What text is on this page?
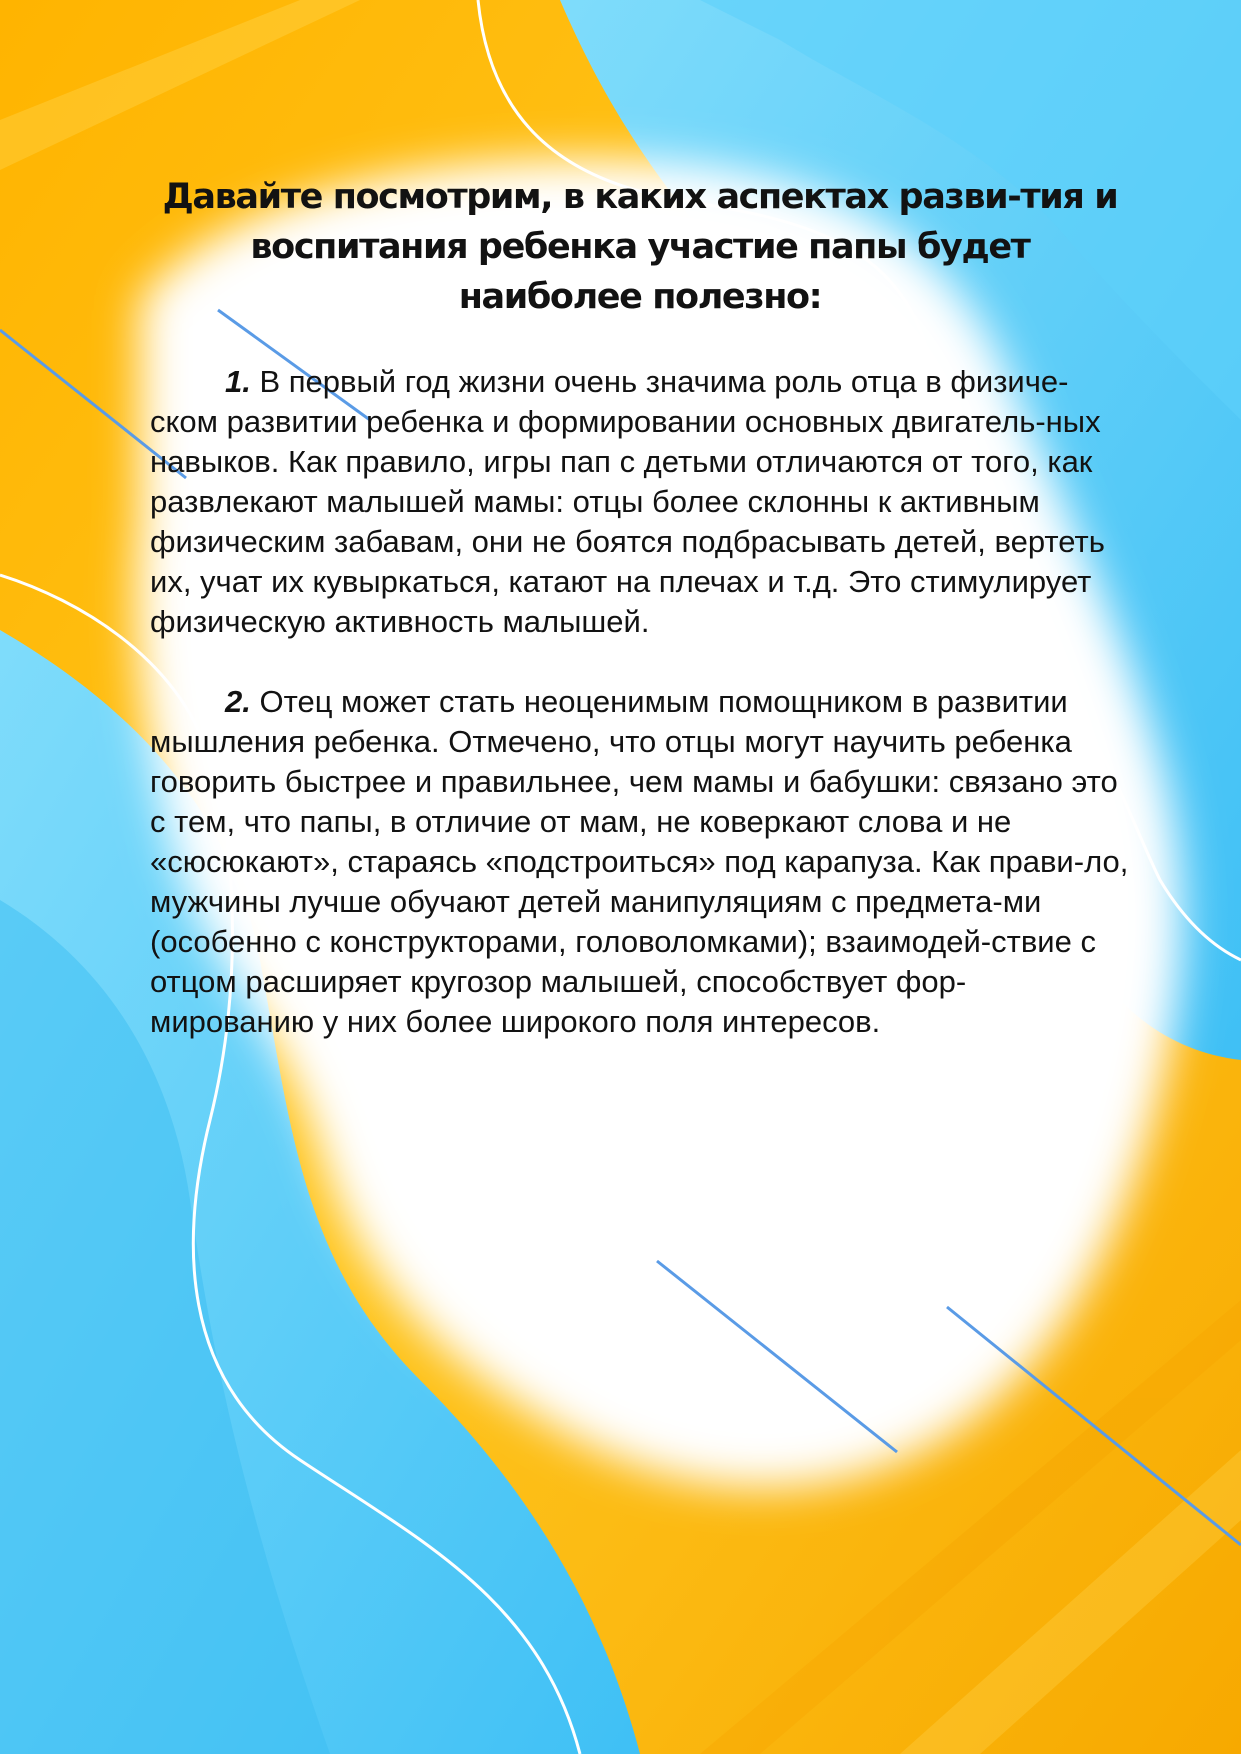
Давайте посмотрим, в каких аспектах разви-тия и воспитания ребенка участие папы будет наиболее полезно:

1. В первый год жизни очень значима роль отца в физиче-ском развитии ребенка и формировании основных двигатель-ных навыков. Как правило, игры пап с детьми отличаются от того, как развлекают малышей мамы: отцы более склонны к активным физическим забавам, они не боятся подбрасывать детей, вертеть их, учат их кувыркаться, катают на плечах и т.д. Это стимулирует физическую активность малышей.

2. Отец может стать неоценимым помощником в развитии мышления ребенка. Отмечено, что отцы могут научить ребенка говорить быстрее и правильнее, чем мамы и бабушки: связано это с тем, что папы, в отличие от мам, не коверкают слова и не «сюсюкают», стараясь «подстроиться» под карапуза. Как прави-ло, мужчины лучше обучают детей манипуляциям с предмета-ми (особенно с конструкторами, головоломками); взаимодей-ствие с отцом расширяет кругозор малышей, способствует фор-мированию у них более широкого поля интересов.
